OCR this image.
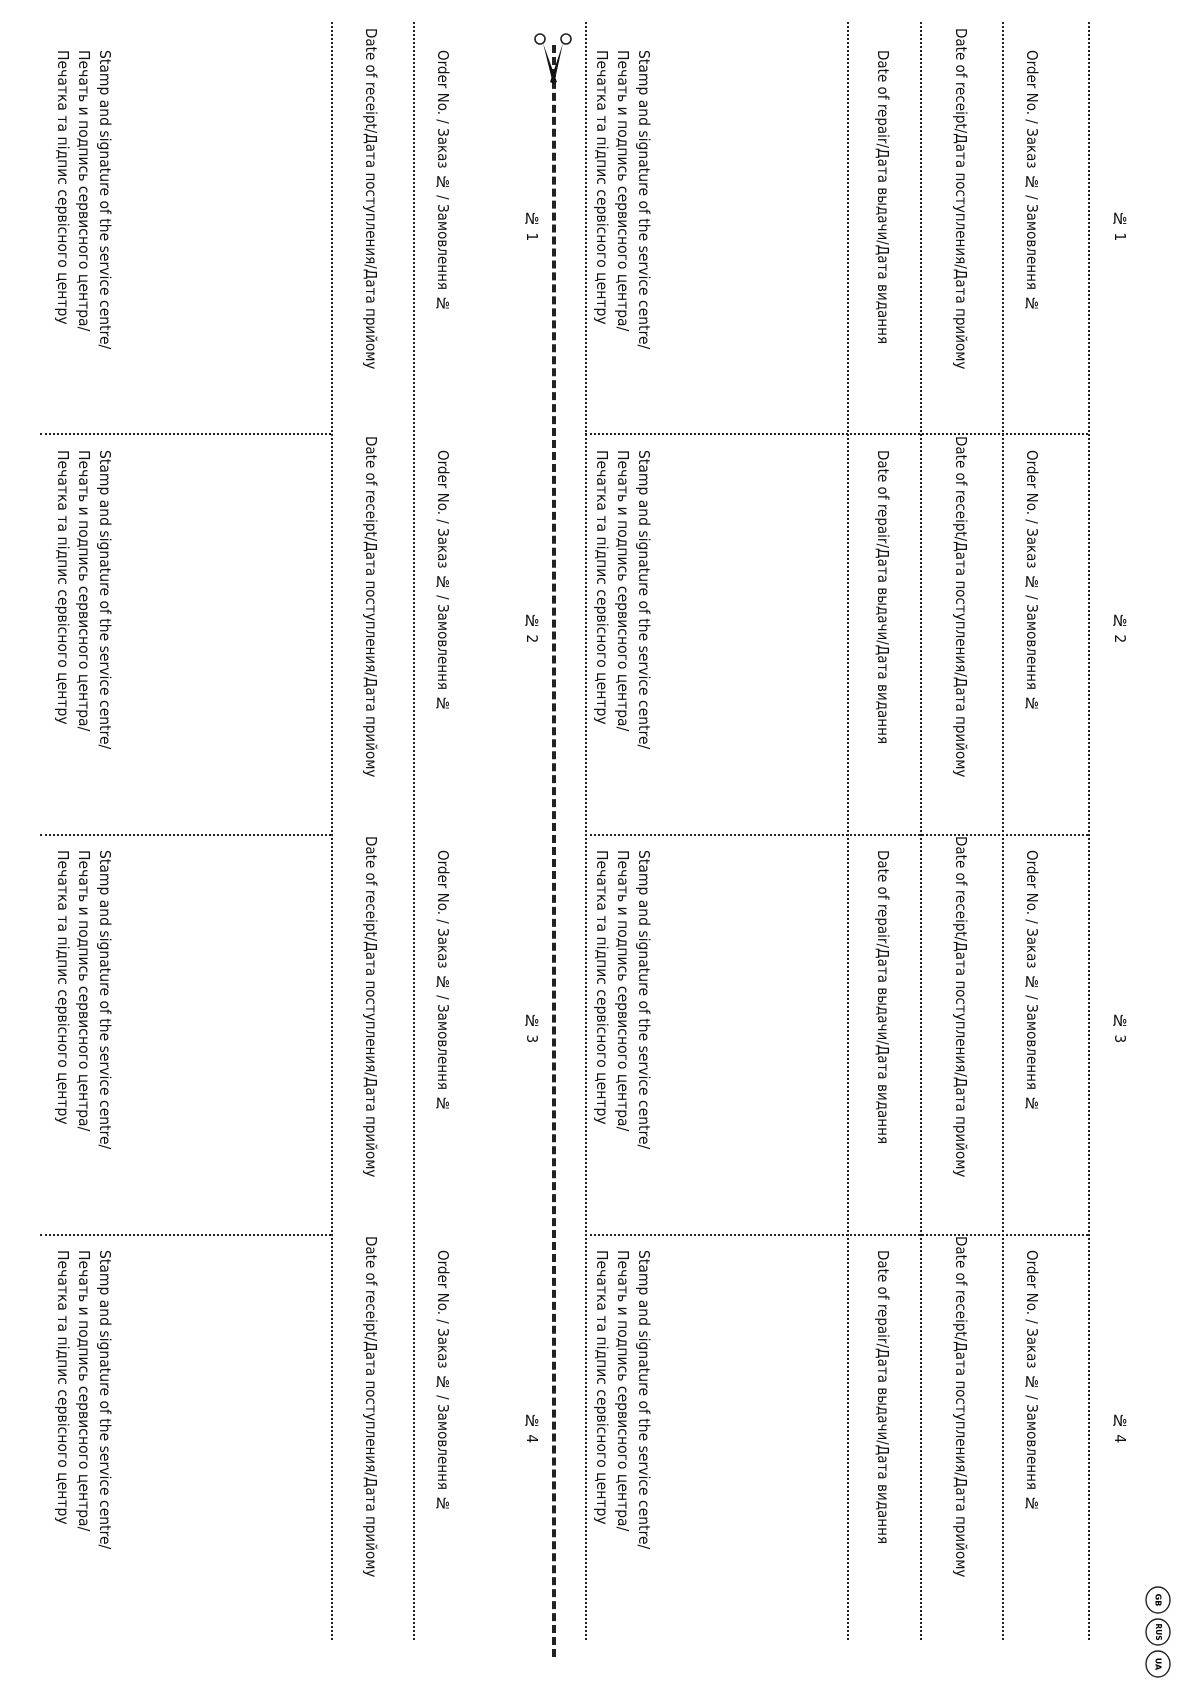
№ 1
Order No. / Заказ № / Замовлення №
Date of receipt/Дата поступления/Дата прийому
Date of repair/Дата выдачи/Дата видання
Stamp and signature of the service centre/
Печать и подпись сервисного центра/
Печатка та підпис сервісного центру
№ 1
Order No. / Заказ № / Замовлення №
Date of receipt/Дата поступления/Дата прийому
Stamp and signature of the service centre/
Печать и подпись сервисного центра/
Печатка та підпис сервісного центру
№ 2
Order No. / Заказ № / Замовлення №
Date of receipt/Дата поступления/Дата прийому
Date of repair/Дата выдачи/Дата видання
Stamp and signature of the service centre/
Печать и подпись сервисного центра/
Печатка та підпис сервісного центру
№ 2
Order No. / Заказ № / Замовлення №
Date of receipt/Дата поступления/Дата прийому
Stamp and signature of the service centre/
Печать и подпись сервисного центра/
Печатка та підпис сервісного центру
№ 3
Order No. / Заказ № / Замовлення №
Date of receipt/Дата поступления/Дата прийому
Date of repair/Дата выдачи/Дата видання
Stamp and signature of the service centre/
Печать и подпись сервисного центра/
Печатка та підпис сервісного центру
№ 3
Order No. / Заказ № / Замовлення №
Date of receipt/Дата поступления/Дата прийому
Stamp and signature of the service centre/
Печать и подпись сервисного центра/
Печатка та підпис сервісного центру
№ 4
Order No. / Заказ № / Замовлення №
Date of receipt/Дата поступления/Дата прийому
Date of repair/Дата выдачи/Дата видання
Stamp and signature of the service centre/
Печать и подпись сервисного центра/
Печатка та підпис сервісного центру
№ 4
Order No. / Заказ № / Замовлення №
Date of receipt/Дата поступления/Дата прийому
Stamp and signature of the service centre/
Печать и подпись сервисного центра/
Печатка та підпис сервісного центру
GB
RUS
UA
